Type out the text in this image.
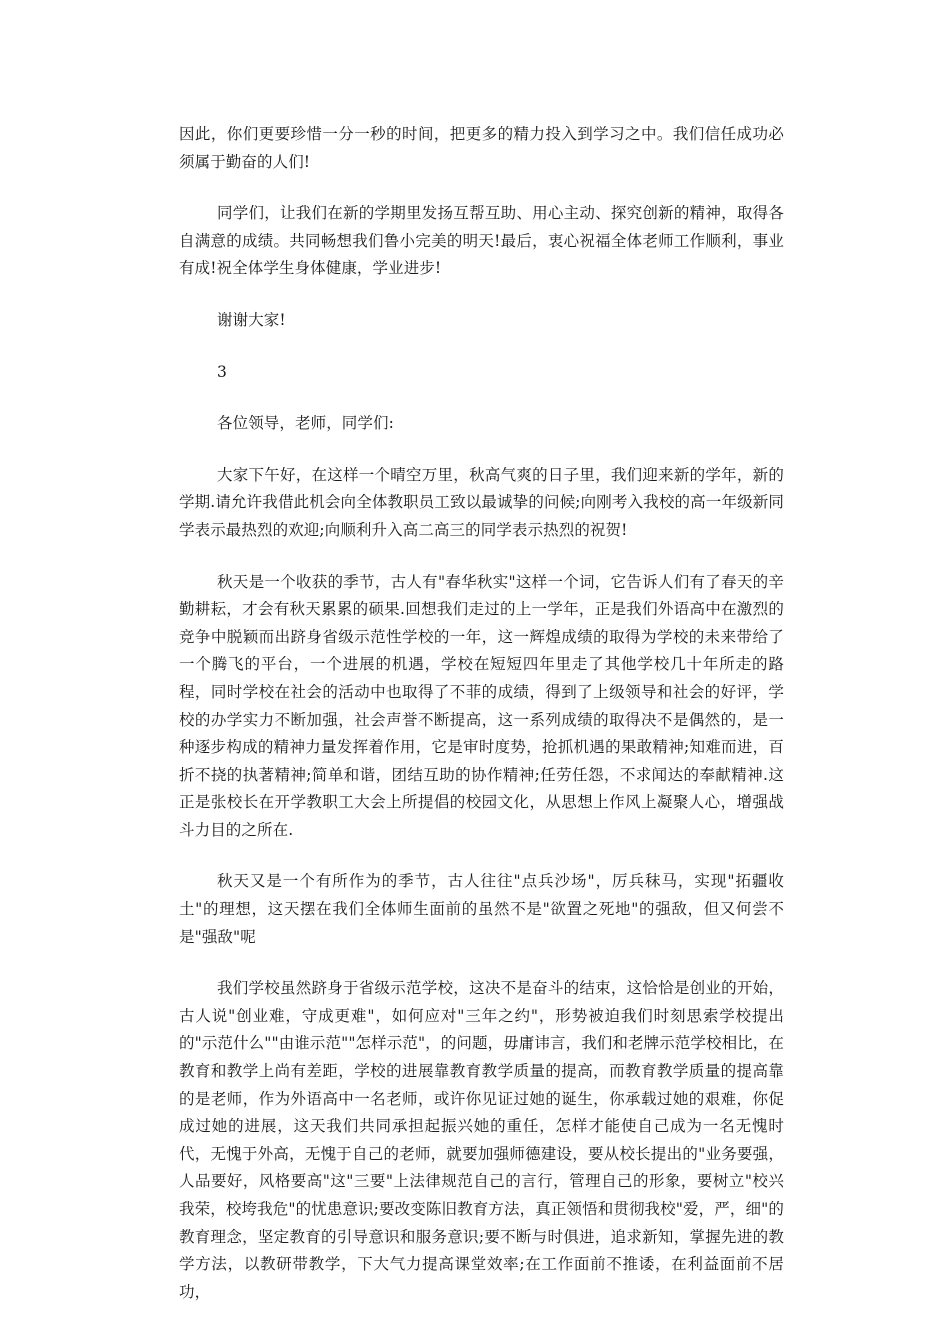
因此，你们更要珍惜一分一秒的时间，把更多的精力投入到学习之中。我们信任成功必须属于勤奋的人们!

同学们，让我们在新的学期里发扬互帮互助、用心主动、探究创新的精神，取得各自满意的成绩。共同畅想我们鲁小完美的明天!最后，衷心祝福全体老师工作顺利，事业有成!祝全体学生身体健康，学业进步!

谢谢大家!

3

各位领导，老师，同学们:

大家下午好，在这样一个晴空万里，秋高气爽的日子里，我们迎来新的学年，新的学期.请允许我借此机会向全体教职员工致以最诚挚的问候;向刚考入我校的高一年级新同学表示最热烈的欢迎;向顺利升入高二高三的同学表示热烈的祝贺!

秋天是一个收获的季节，古人有"春华秋实"这样一个词，它告诉人们有了春天的辛勤耕耘，才会有秋天累累的硕果.回想我们走过的上一学年，正是我们外语高中在激烈的竞争中脱颖而出跻身省级示范性学校的一年，这一辉煌成绩的取得为学校的未来带给了一个腾飞的平台，一个进展的机遇，学校在短短四年里走了其他学校几十年所走的路程，同时学校在社会的活动中也取得了不菲的成绩，得到了上级领导和社会的好评，学校的办学实力不断加强，社会声誉不断提高，这一系列成绩的取得决不是偶然的，是一种逐步构成的精神力量发挥着作用，它是审时度势，抢抓机遇的果敢精神;知难而进，百折不挠的执著精神;简单和谐，团结互助的协作精神;任劳任怨，不求闻达的奉献精神.这正是张校长在开学教职工大会上所提倡的校园文化，从思想上作风上凝聚人心，增强战斗力目的之所在.

秋天又是一个有所作为的季节，古人往往"点兵沙场"，厉兵秣马，实现"拓疆收土"的理想，这天摆在我们全体师生面前的虽然不是"欲置之死地"的强敌，但又何尝不是"强敌"呢

我们学校虽然跻身于省级示范学校，这决不是奋斗的结束，这恰恰是创业的开始，古人说"创业难，守成更难"，如何应对"三年之约"，形势被迫我们时刻思索学校提出的"示范什么""由谁示范""怎样示范"，的问题，毋庸讳言，我们和老牌示范学校相比，在教育和教学上尚有差距，学校的进展靠教育教学质量的提高，而教育教学质量的提高靠的是老师，作为外语高中一名老师，或许你见证过她的诞生，你承载过她的艰难，你促成过她的进展，这天我们共同承担起振兴她的重任，怎样才能使自己成为一名无愧时代，无愧于外高，无愧于自己的老师，就要加强师德建设，要从校长提出的"业务要强，人品要好，风格要高"这"三要"上法律规范自己的言行，管理自己的形象，要树立"校兴我荣，校垮我危"的忧患意识;要改变陈旧教育方法，真正领悟和贯彻我校"爱，严，细"的教育理念，坚定教育的引导意识和服务意识;要不断与时俱进，追求新知，掌握先进的教学方法，以教研带教学，下大气力提高课堂效率;在工作面前不推诿，在利益面前不居功，
